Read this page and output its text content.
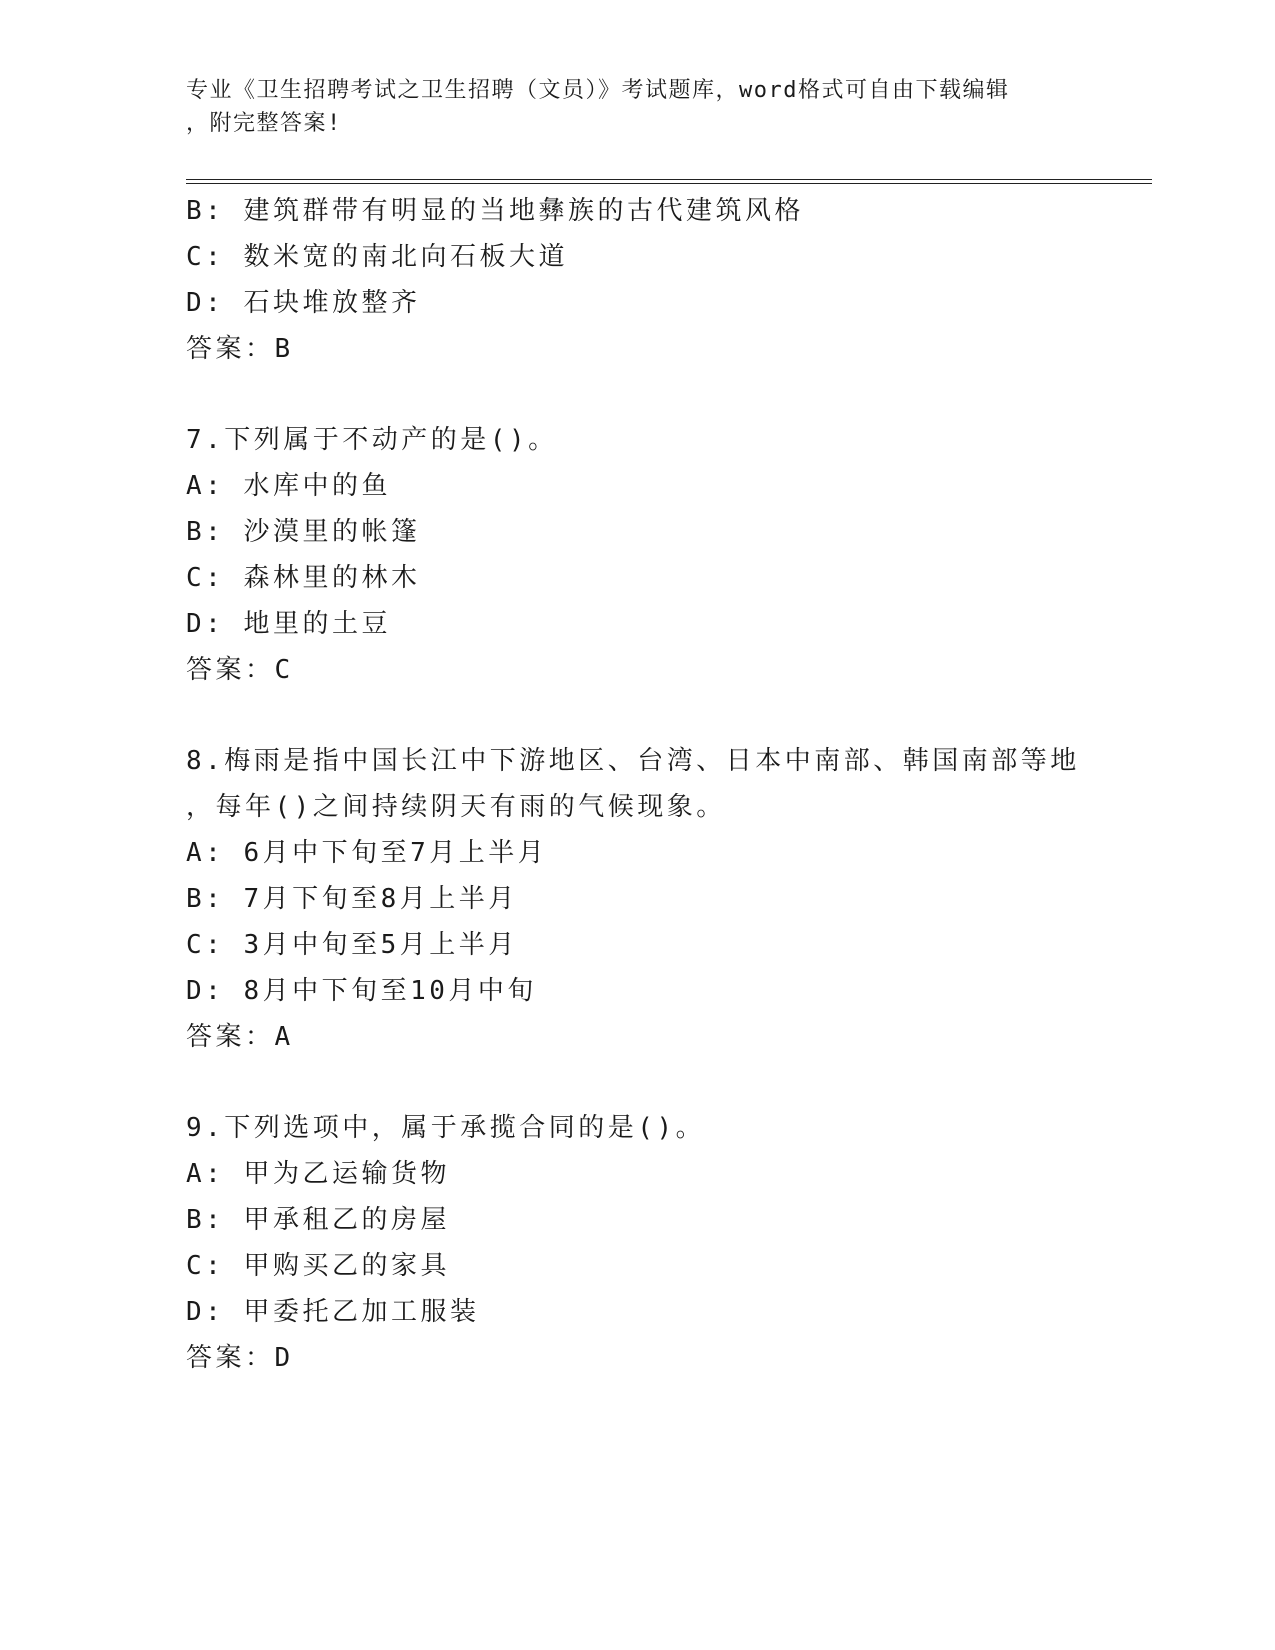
专业《卫生招聘考试之卫生招聘（文员）》考试题库，word格式可自由下载编辑
，附完整答案!
B: 建筑群带有明显的当地彝族的古代建筑风格
C: 数米宽的南北向石板大道
D: 石块堆放整齐
答案：B
7.下列属于不动产的是()。
A: 水库中的鱼
B: 沙漠里的帐篷
C: 森林里的林木
D: 地里的土豆
答案：C
8.梅雨是指中国长江中下游地区、台湾、日本中南部、韩国南部等地
，每年()之间持续阴天有雨的气候现象。
A: 6月中下旬至7月上半月
B: 7月下旬至8月上半月
C: 3月中旬至5月上半月
D: 8月中下旬至10月中旬
答案：A
9.下列选项中，属于承揽合同的是()。
A: 甲为乙运输货物
B: 甲承租乙的房屋
C: 甲购买乙的家具
D: 甲委托乙加工服装
答案：D
